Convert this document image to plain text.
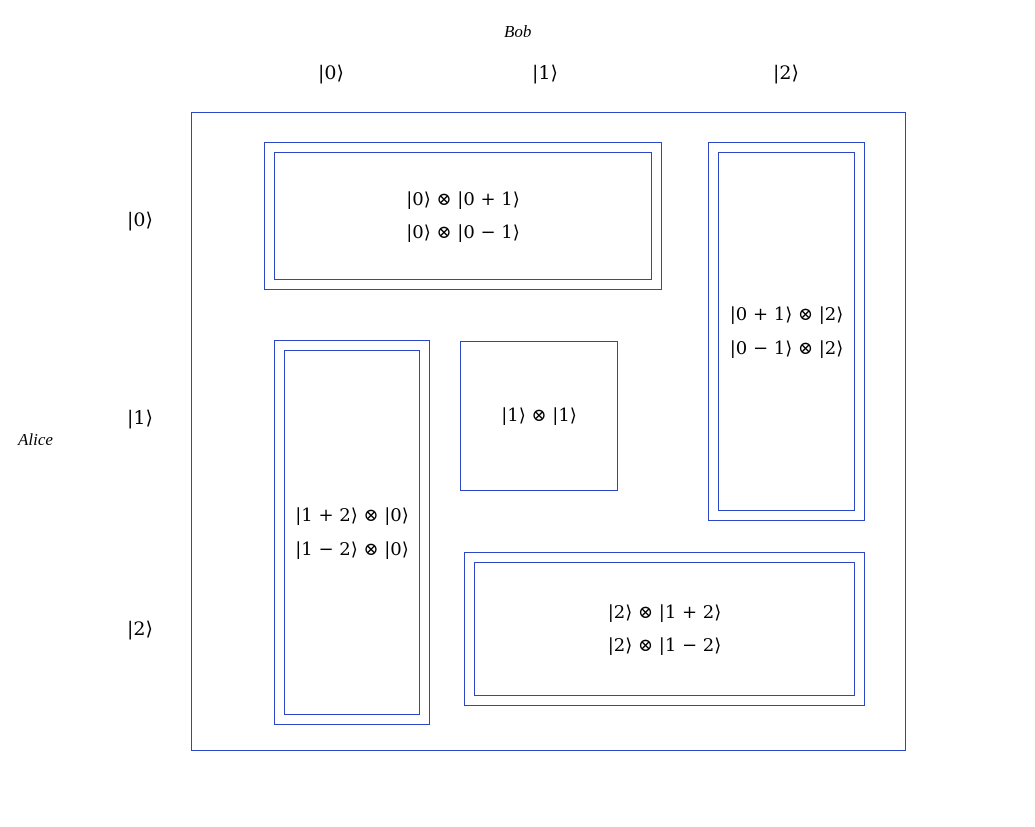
Bob
Alice
|0⟩	|1⟩	|2⟩
|0⟩
|1⟩
|2⟩
|0⟩ ⊗ |0 + 1⟩
|0⟩ ⊗ |0 − 1⟩
|0 + 1⟩ ⊗ |2⟩
|0 − 1⟩ ⊗ |2⟩
|1 + 2⟩ ⊗ |0⟩
|1 − 2⟩ ⊗ |0⟩
|1⟩ ⊗ |1⟩
|2⟩ ⊗ |1 + 2⟩
|2⟩ ⊗ |1 − 2⟩
